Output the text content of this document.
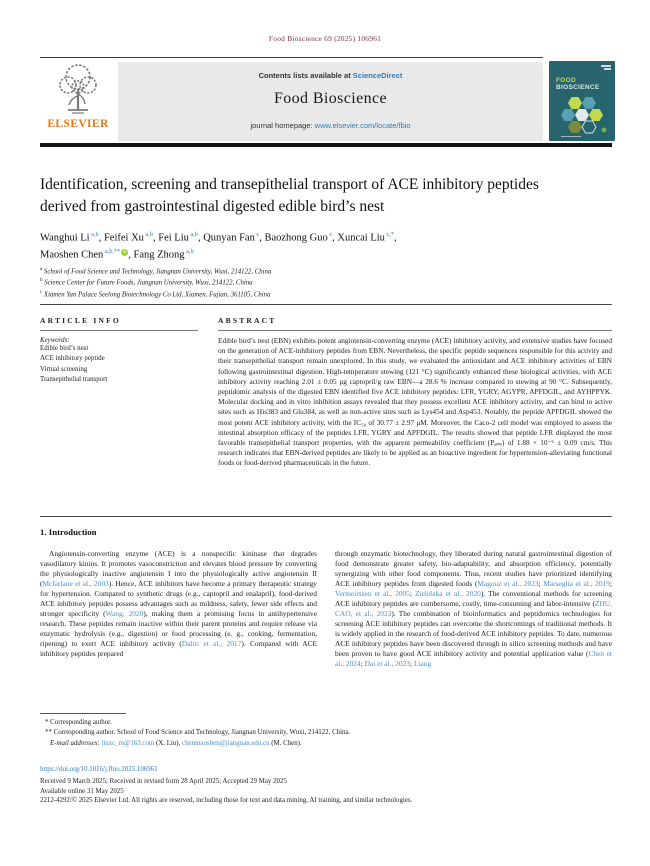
Food Bioscience 69 (2025) 106961
ELSEVIER
Contents lists available at ScienceDirect
Food Bioscience
journal homepage: www.elsevier.com/locate/fbio
FOOD
BIOSCIENCE
Identification, screening and transepithelial transport of ACE inhibitory peptides derived from gastrointestinal digested edible bird’s nest
Wanghui Li $^{a,b}$, Feifei Xu $^{a,b}$, Fei Liu $^{a,b}$, Qunyan Fan $^c$, Baozhong Guo $^c$, Xuncai Liu $^{c,*}$,
Maoshen Chen $^{a,b,**}$ iD , Fang Zhong $^{a,b}$
$^a$ School of Food Science and Technology, Jiangnan University, Wuxi, 214122, China
$^b$ Science Center for Future Foods, Jiangnan University, Wuxi, 214122, China
$^c$ Xiamen Yan Palace Seelong Biotechnology Co Ltd, Xiamen, Fujian, 361105, China
ARTICLE INFO
Keywords:
Edible bird’s nest
ACE inhibitory peptide
Virtual screening
Transepithelial transport
ABSTRACT
Edible bird’s nest (EBN) exhibits potent angiotensin-converting enzyme (ACE) inhibitory activity, and extensive studies have focused on the generation of ACE-inhibitory peptides from EBN. Nevertheless, the specific peptide sequences responsible for this activity and their transepithelial transport remain unexplored. In this study, we evaluated the antioxidant and ACE inhibitory activities of EBN following gastrointestinal digestion. High-temperature stewing (121 °C) significantly enhanced these biological activities, with ACE inhibitory activity reaching 2.01 ± 0.05 μg captopril/g raw EBN—a 28.6 % increase compared to stewing at 90 °C. Subsequently, peptidomic analysis of the digested EBN identified five ACE inhibitory peptides: LFR, YGRY, AGYPR, APFDGIL, and AYHPPYK. Molecular docking and in vitro inhibition assays revealed that they possess excellent ACE inhibitory activity, and can bind to active sites such as His383 and Glu384, as well as non-active sites such as Lys454 and Asp453. Notably, the peptide APFDGIL showed the most potent ACE inhibitory activity, with the IC₅₀ of 30.77 ± 2.97 μM. Moreover, the Caco-2 cell model was employed to assess the intestinal absorption efficacy of the peptides LFR, YGRY and APFDGIL. The results showed that peptide LFR displayed the most favorable transepithelial transport properties, with the apparent permeability coefficient (Pₐₚₚ) of 1.88 × 10⁻⁶ ± 0.09 cm/s. This research indicates that EBN-derived peptides are likely to be applied as an bioactive ingredient for hypertension-alleviating functional foods or food-derived pharmaceuticals in the future.
1. Introduction
Angiotensin-converting enzyme (ACE) is a nonspecific kininase that degrades vasodilatory kinins. It promotes vasoconstriction and elevates blood pressure by converting the physiologically inactive angiotensin I into the physiologically active angiotensin II (Mcfarlane et al., 2003). Hence, ACE inhibitors have become a primary therapeutic strategy for hypertension. Compared to synthetic drugs (e.g., captopril and enalapril), food-derived ACE inhibitory peptides possess advantages such as mildness, safety, fewer side effects and stronger specificity (Wang, 2020), making them a promising focus in antihypertensive research. These peptides remain inactive within their parent proteins and require release via enzymatic hydrolysis (e.g., digestion) or food processing (e. g., cooking, fermentation, ripening) to exert ACE inhibitory activity (Daliri et al., 2017). Compared with ACE inhibitory peptides prepared
through enzymatic biotechnology, they liberated during natural gastrointestinal digestion of food demonstrate greater safety, bio-adaptability, and absorption efficiency, potentially synergizing with other food components. Thus, recent studies have prioritized identifying ACE inhibitory peptides from digested foods (Magouz et al., 2023; Marseglia et al., 2019; Vermeirssen et al., 2005; Zielińska et al., 2020). The conventional methods for screening ACE inhibitory peptides are cumbersome, costly, time-consuming and labor-intensive (ZHU, CAO, et al., 2023). The combination of bioinformatics and peptidomics technologies for screening ACE inhibitory peptides can overcome the shortcomings of traditional methods. It is widely applied in the research of food-derived ACE inhibitory peptides. To date, numerous ACE inhibitory peptides have been discovered through in silico screening methods and have been proven to have good ACE inhibitory activity and potential application value (Chen et al., 2024; Dai et al., 2023; Liang
* Corresponding author.
** Corresponding author. School of Food Science and Technology, Jiangnan University, Wuxi, 214122, China.
E-mail addresses: liuxc_m@163.com (X. Liu), chenmaoshen@jiangnan.edu.cn (M. Chen).
https://doi.org/10.1016/j.fbio.2025.106961
Received 9 March 2025; Received in revised form 28 April 2025; Accepted 29 May 2025
Available online 31 May 2025
2212-4292/© 2025 Elsevier Ltd. All rights are reserved, including those for text and data mining, AI training, and similar technologies.
